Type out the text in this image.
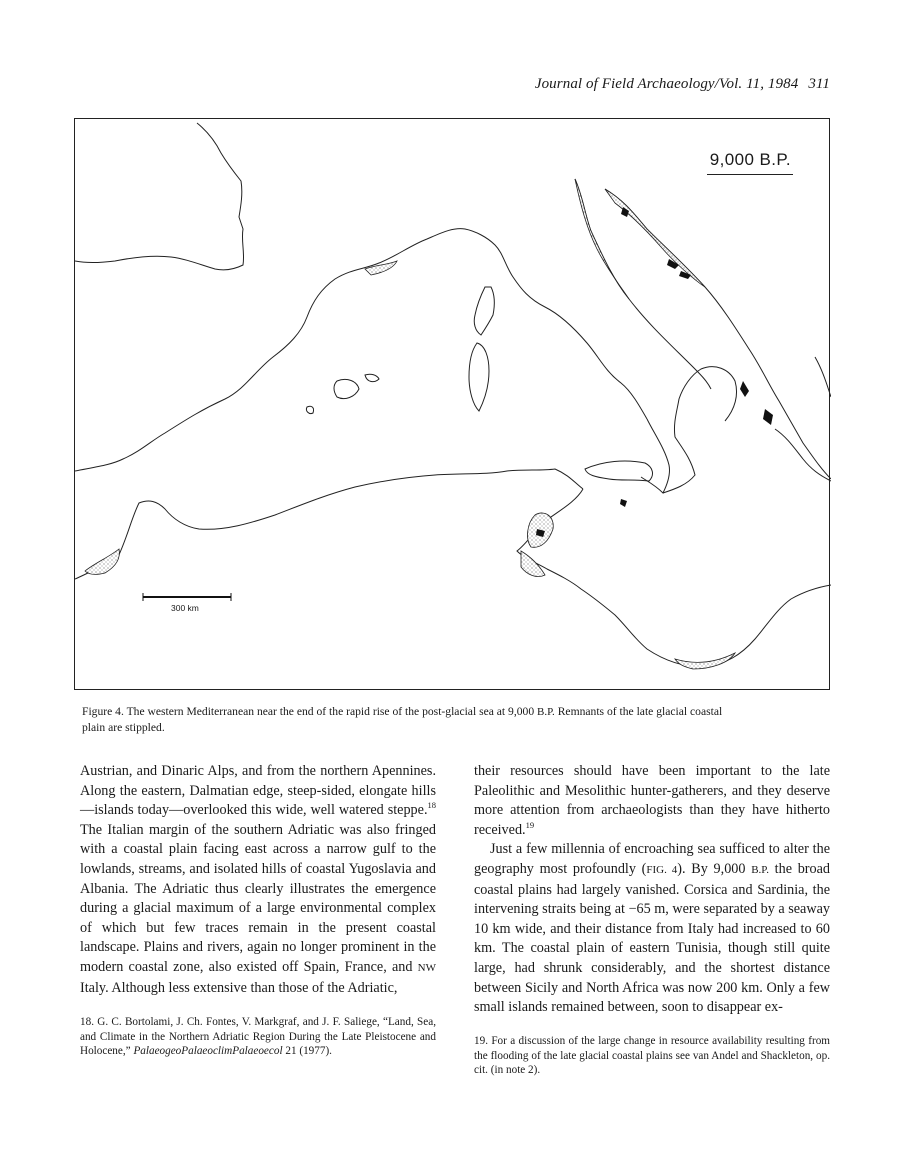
Journal of Field Archaeology/Vol. 11, 1984 311
9,000 B.P.
300 km
Figure 4. The western Mediterranean near the end of the rapid rise of the post-glacial sea at 9,000 B.P. Remnants of the late glacial coastal plain are stippled.

Austrian, and Dinaric Alps, and from the northern Apennines. Along the eastern, Dalmatian edge, steep-sided, elongate hills—islands today—overlooked this wide, well watered steppe.$^{18}$ The Italian margin of the southern Adriatic was also fringed with a coastal plain facing east across a narrow gulf to the lowlands, streams, and isolated hills of coastal Yugoslavia and Albania. The Adriatic thus clearly illustrates the emergence during a glacial maximum of a large environmental complex of which but few traces remain in the present coastal landscape. Plains and rivers, again no longer prominent in the modern coastal zone, also existed off Spain, France, and NW Italy. Although less extensive than those of the Adriatic,

their resources should have been important to the late Paleolithic and Mesolithic hunter-gatherers, and they deserve more attention from archaeologists than they have hitherto received.$^{19}$

Just a few millennia of encroaching sea sufficed to alter the geography most profoundly (FIG. 4). By 9,000 B.P. the broad coastal plains had largely vanished. Corsica and Sardinia, the intervening straits being at −65 m, were separated by a seaway 10 km wide, and their distance from Italy had increased to 60 km. The coastal plain of eastern Tunisia, though still quite large, had shrunk considerably, and the shortest distance between Sicily and North Africa was now 200 km. Only a few small islands remained between, soon to disappear ex-

18. G. C. Bortolami, J. Ch. Fontes, V. Markgraf, and J. F. Saliege, “Land, Sea, and Climate in the Northern Adriatic Region During the Late Pleistocene and Holocene,” PalaeogeoPalaeoclimPalaeoecol 21 (1977).
19. For a discussion of the large change in resource availability resulting from the flooding of the late glacial coastal plains see van Andel and Shackleton, op. cit. (in note 2).
